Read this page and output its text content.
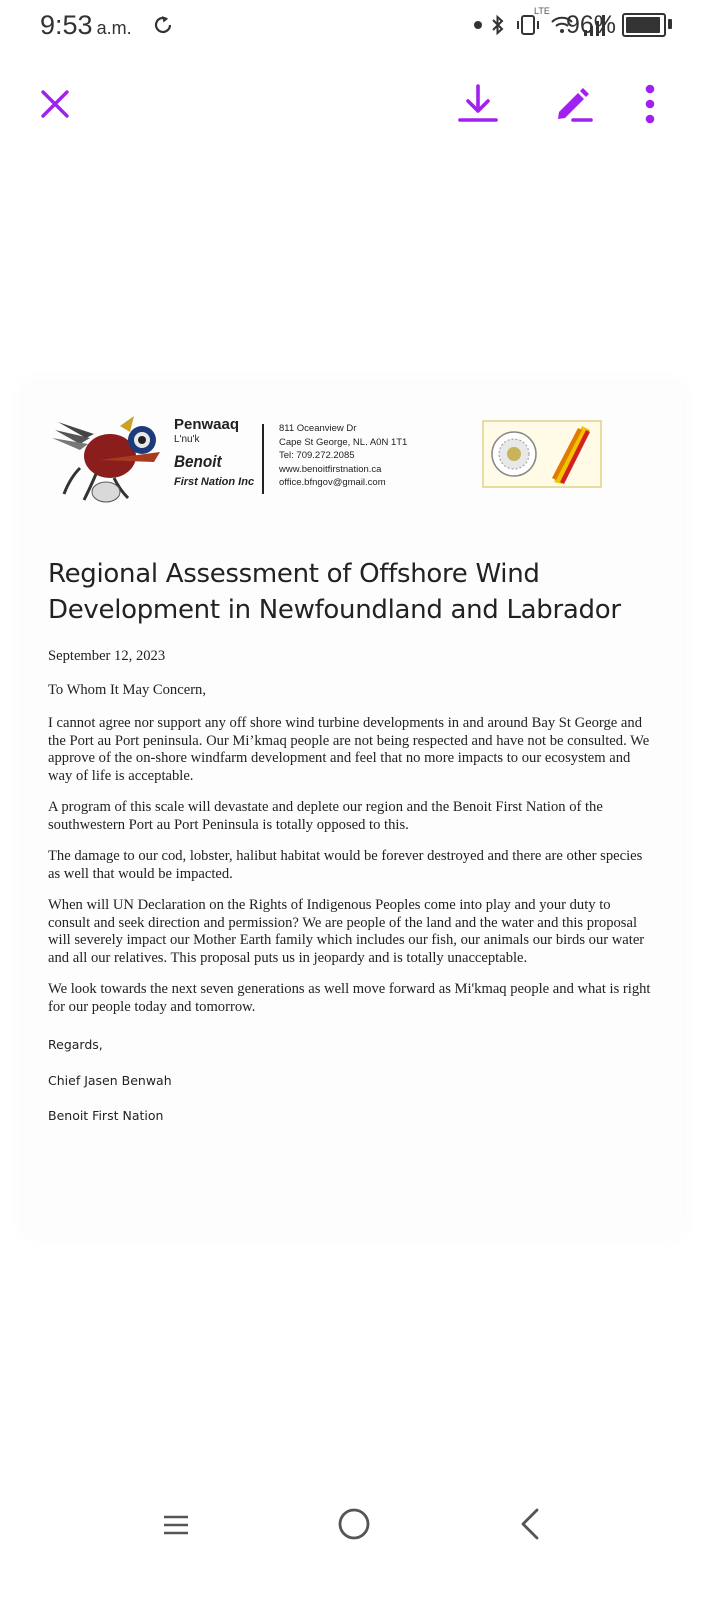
9:53 a.m.
LTE 96%
Penwaaq
L'nu'k
Benoit
First Nation Inc
811 Oceanview Dr
Cape St George, NL. A0N 1T1
Tel: 709.272.2085
www.benoitfirstnation.ca
office.bfngov@gmail.com
Regional Assessment of Offshore Wind Development in Newfoundland and Labrador

September 12, 2023

To Whom It May Concern,

I cannot agree nor support any off shore wind turbine developments in and around Bay St George and the Port au Port peninsula. Our Mi’kmaq people are not being respected and have not be consulted. We approve of the on-shore windfarm development and feel that no more impacts to our ecosystem and way of life is acceptable.

A program of this scale will devastate and deplete our region and the Benoit First Nation of the southwestern Port au Port Peninsula is totally opposed to this.

The damage to our cod, lobster, halibut habitat would be forever destroyed and there are other species as well that would be impacted.

When will UN Declaration on the Rights of Indigenous Peoples come into play and your duty to consult and seek direction and permission? We are people of the land and the water and this proposal will severely impact our Mother Earth family which includes our fish, our animals our birds our water and all our relatives. This proposal puts us in jeopardy and is totally unacceptable.

We look towards the next seven generations as well move forward as Mi'kmaq people and what is right for our people today and tomorrow.

Regards,

Chief Jasen Benwah

Benoit First Nation
